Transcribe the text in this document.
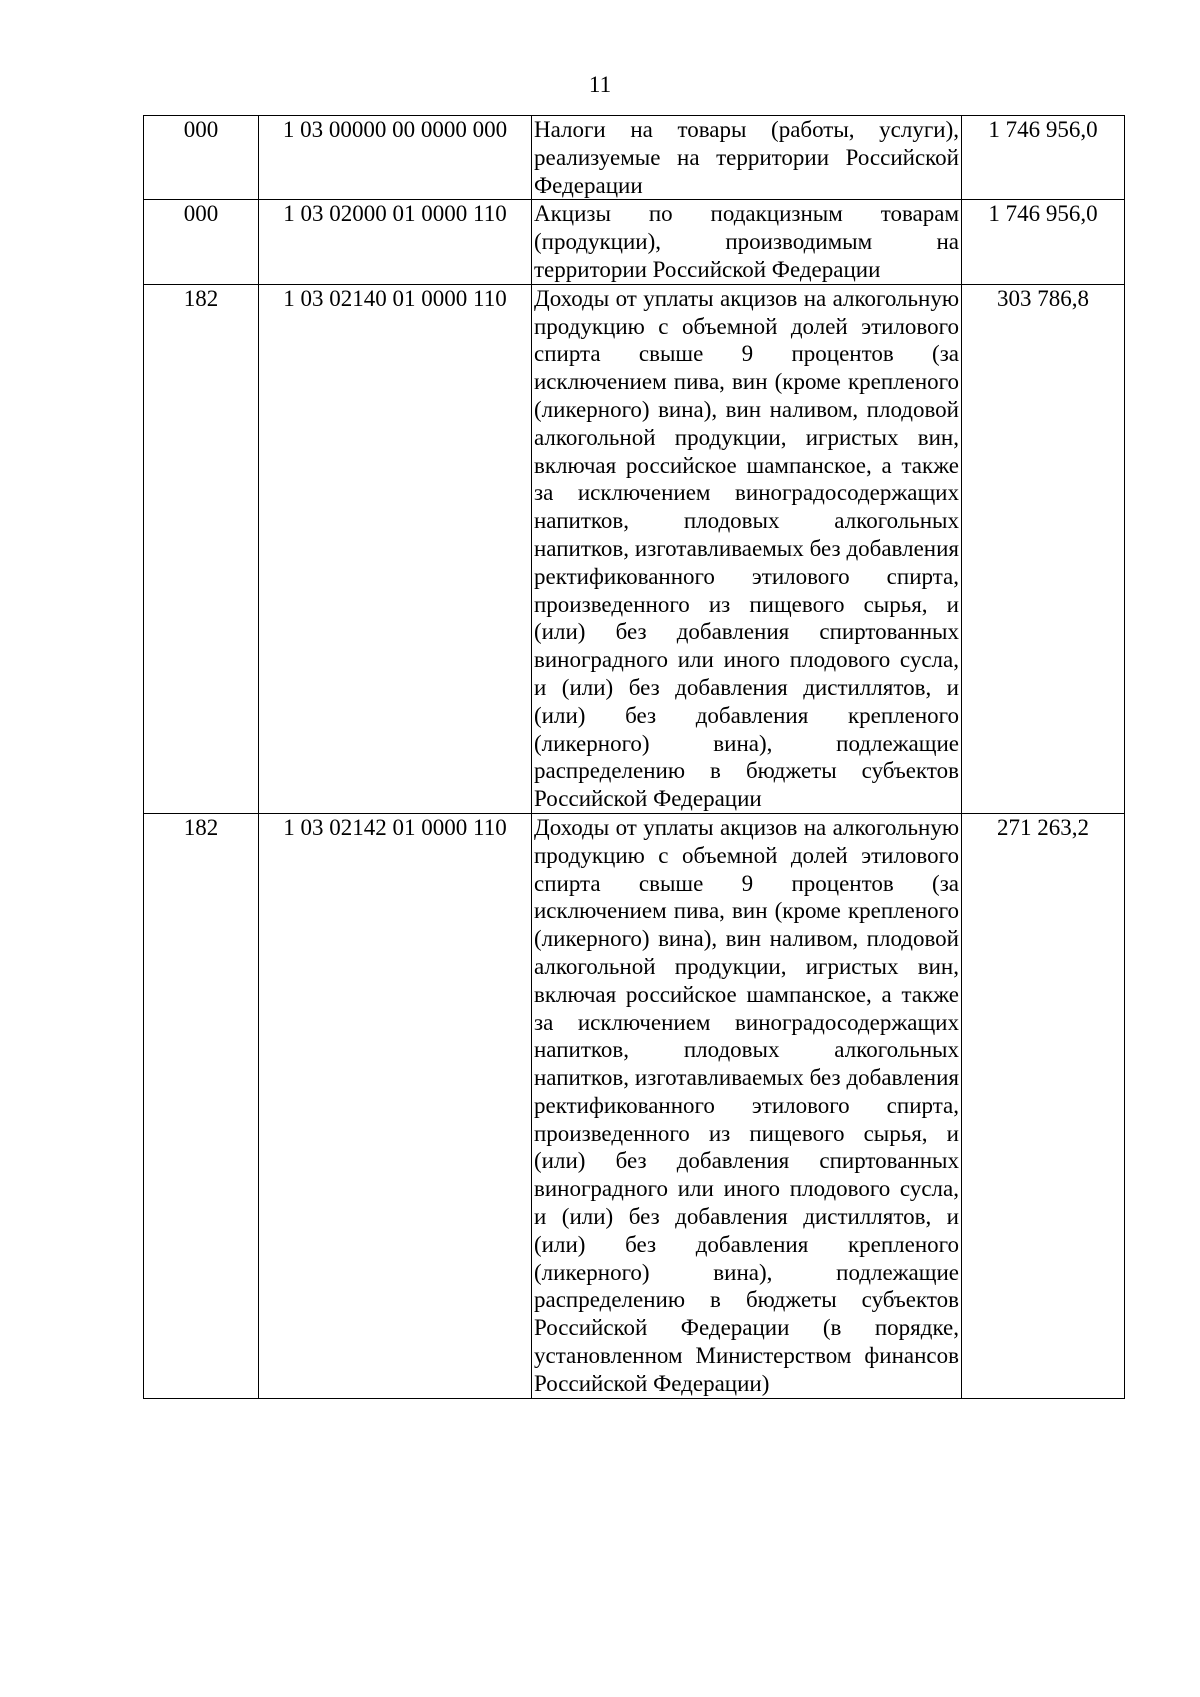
11
000	1 03 00000 00 0000 000	Налоги на товары (работы, услуги), реализуемые на территории Российской Федерации	1 746 956,0
000	1 03 02000 01 0000 110	Акцизы по подакцизным товарам (продукции), производимым на территории Российской Федерации	1 746 956,0
182	1 03 02140 01 0000 110	Доходы от уплаты акцизов на алкогольную продукцию с объемной долей этилового спирта свыше 9 процентов (за исключением пива, вин (кроме крепленого (ликерного) вина), вин наливом, плодовой алкогольной продукции, игристых вин, включая российское шампанское, а также за исключением виноградосодержащих напитков, плодовых алкогольных напитков, изготавливаемых без добавления ректификованного этилового спирта, произведенного из пищевого сырья, и (или) без добавления спиртованных виноградного или иного плодового сусла, и (или) без добавления дистиллятов, и (или) без добавления крепленого (ликерного) вина), подлежащие распределению в бюджеты субъектов Российской Федерации	303 786,8
182	1 03 02142 01 0000 110	Доходы от уплаты акцизов на алкогольную продукцию с объемной долей этилового спирта свыше 9 процентов (за исключением пива, вин (кроме крепленого (ликерного) вина), вин наливом, плодовой алкогольной продукции, игристых вин, включая российское шампанское, а также за исключением виноградосодержащих напитков, плодовых алкогольных напитков, изготавливаемых без добавления ректификованного этилового спирта, произведенного из пищевого сырья, и (или) без добавления спиртованных виноградного или иного плодового сусла, и (или) без добавления дистиллятов, и (или) без добавления крепленого (ликерного) вина), подлежащие распределению в бюджеты субъектов Российской Федерации (в порядке, установленном Министерством финансов Российской Федерации)	271 263,2
